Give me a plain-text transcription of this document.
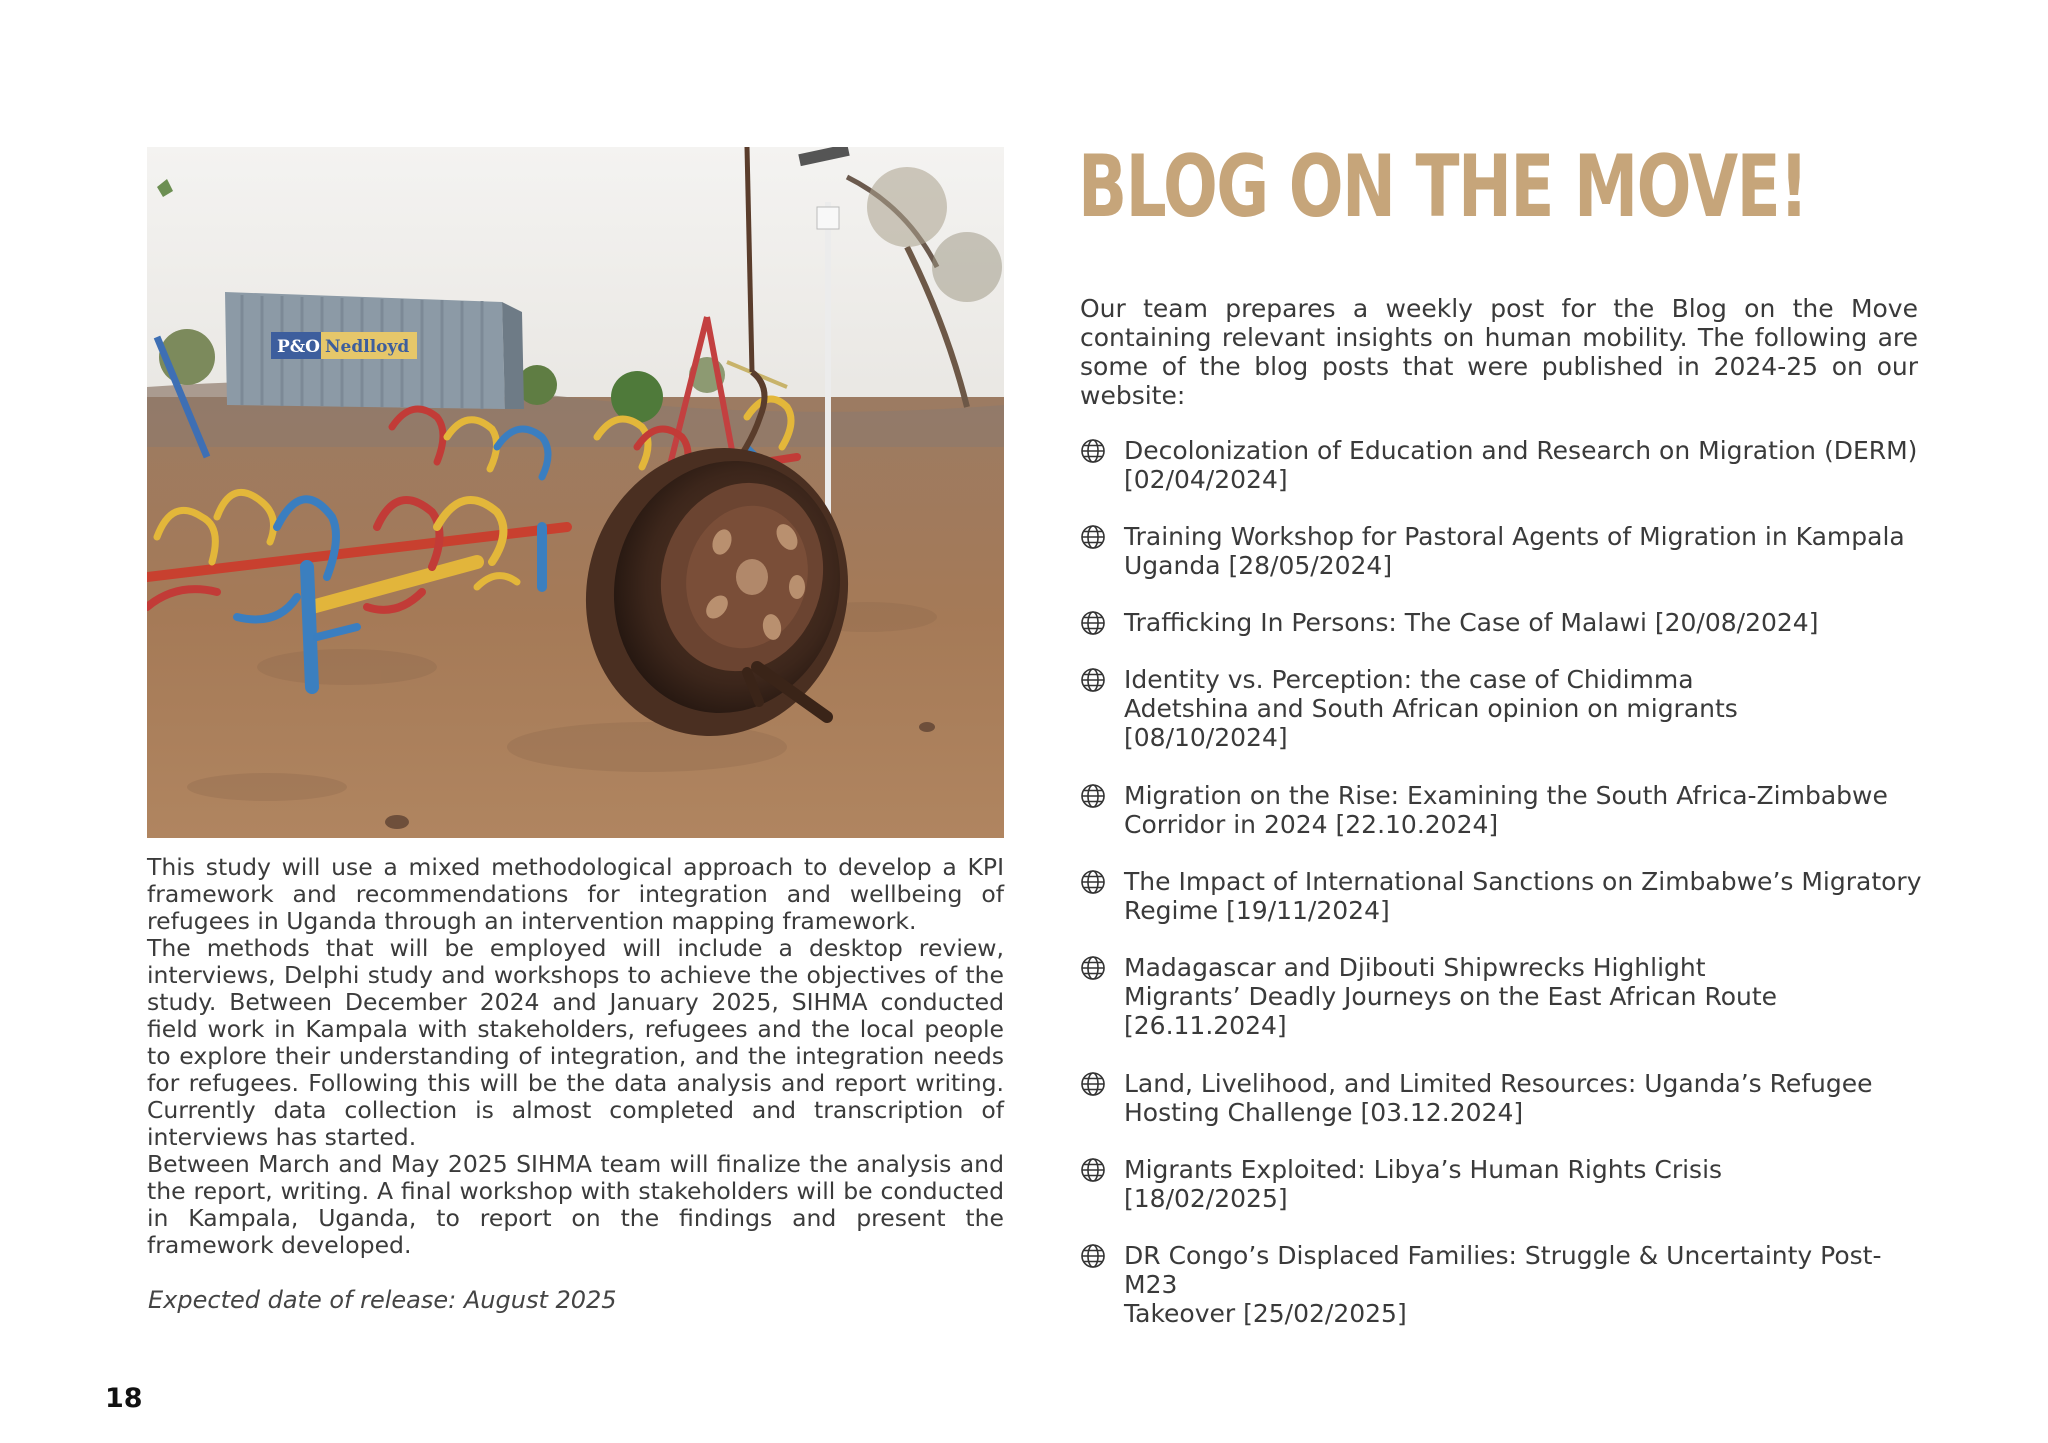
P&O Nedlloyd

This study will use a mixed methodological approach to develop a KPI framework and recommendations for integration and wellbeing of refugees in Uganda through an intervention mapping framework.

The methods that will be employed will include a desktop review, interviews, Delphi study and workshops to achieve the objectives of the study. Between December 2024 and January 2025, SIHMA conducted field work in Kampala with stakeholders, refugees and the local people to explore their understanding of integration, and the integration needs for refugees. Following this will be the data analysis and report writing. Currently data collection is almost completed and transcription of interviews has started.

Between March and May 2025 SIHMA team will finalize the analysis and the report, writing. A final workshop with stakeholders will be conducted in Kampala, Uganda, to report on the findings and present the framework developed.

Expected date of release: August 2025
18
BLOG ON THE MOVE!

Our team prepares a weekly post for the Blog on the Move containing relevant insights on human mobility. The following are some of the blog posts that were published in 2024-25 on our website:

Decolonization of Education and Research on Migration (DERM)
[02/04/2024]
Training Workshop for Pastoral Agents of Migration in Kampala
Uganda [28/05/2024]
Trafficking In Persons: The Case of Malawi [20/08/2024]
Identity vs. Perception: the case of Chidimma
Adetshina and South African opinion on migrants
[08/10/2024]
Migration on the Rise: Examining the South Africa-Zimbabwe
Corridor in 2024 [22.10.2024]
The Impact of International Sanctions on Zimbabwe’s Migratory
Regime [19/11/2024]
Madagascar and Djibouti Shipwrecks Highlight
Migrants’ Deadly Journeys on the East African Route
[26.11.2024]
Land, Livelihood, and Limited Resources: Uganda’s Refugee
Hosting Challenge [03.12.2024]
Migrants Exploited: Libya’s Human Rights Crisis
[18/02/2025]
DR Congo’s Displaced Families: Struggle & Uncertainty Post-M23
Takeover [25/02/2025]
